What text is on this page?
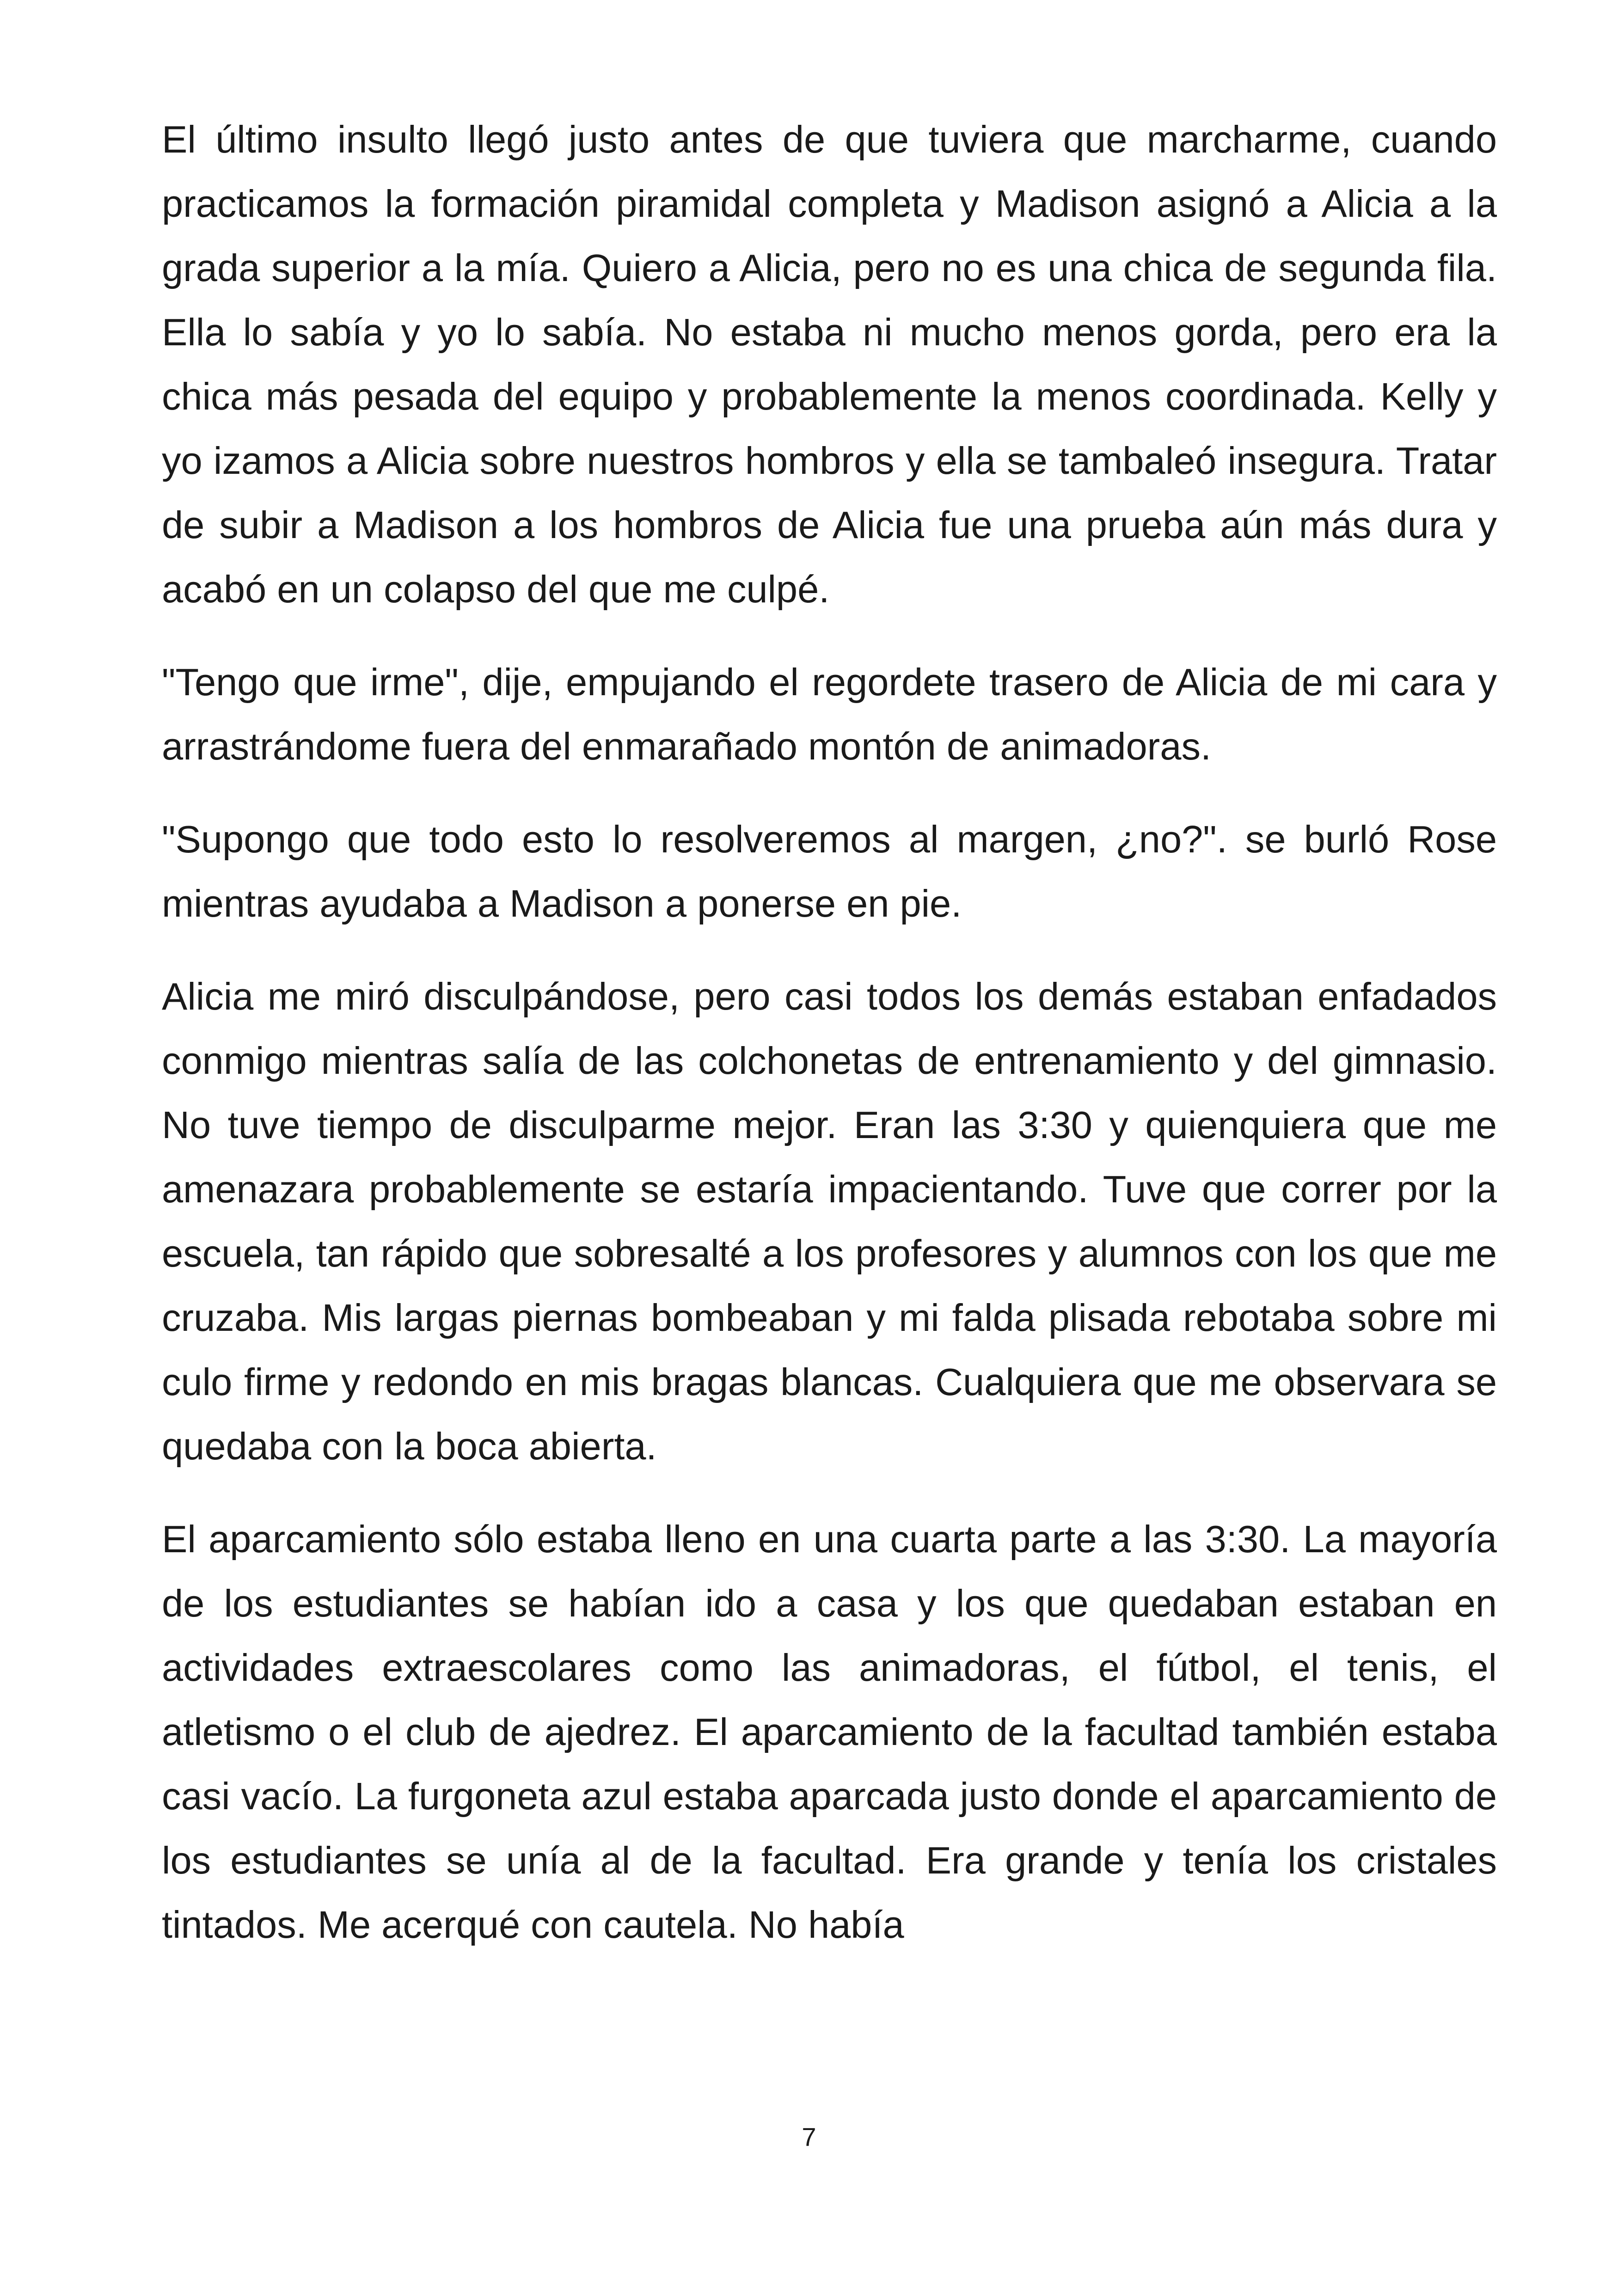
El último insulto llegó justo antes de que tuviera que marcharme, cuando practicamos la formación piramidal completa y Madison asignó a Alicia a la grada superior a la mía. Quiero a Alicia, pero no es una chica de segunda fila. Ella lo sabía y yo lo sabía. No estaba ni mucho menos gorda, pero era la chica más pesada del equipo y probablemente la menos coordinada. Kelly y yo izamos a Alicia sobre nuestros hombros y ella se tambaleó insegura. Tratar de subir a Madison a los hombros de Alicia fue una prueba aún más dura y acabó en un colapso del que me culpé.

"Tengo que irme", dije, empujando el regordete trasero de Alicia de mi cara y arrastrándome fuera del enmarañado montón de animadoras.

"Supongo que todo esto lo resolveremos al margen, ¿no?". se burló Rose mientras ayudaba a Madison a ponerse en pie.

Alicia me miró disculpándose, pero casi todos los demás estaban enfadados conmigo mientras salía de las colchonetas de entrenamiento y del gimnasio. No tuve tiempo de disculparme mejor. Eran las 3:30 y quienquiera que me amenazara probablemente se estaría impacientando. Tuve que correr por la escuela, tan rápido que sobresalté a los profesores y alumnos con los que me cruzaba. Mis largas piernas bombeaban y mi falda plisada rebotaba sobre mi culo firme y redondo en mis bragas blancas. Cualquiera que me observara se quedaba con la boca abierta.

El aparcamiento sólo estaba lleno en una cuarta parte a las 3:30. La mayoría de los estudiantes se habían ido a casa y los que quedaban estaban en actividades extraescolares como las animadoras, el fútbol, el tenis, el atletismo o el club de ajedrez. El aparcamiento de la facultad también estaba casi vacío. La furgoneta azul estaba aparcada justo donde el aparcamiento de los estudiantes se unía al de la facultad. Era grande y tenía los cristales tintados. Me acerqué con cautela. No había

7
